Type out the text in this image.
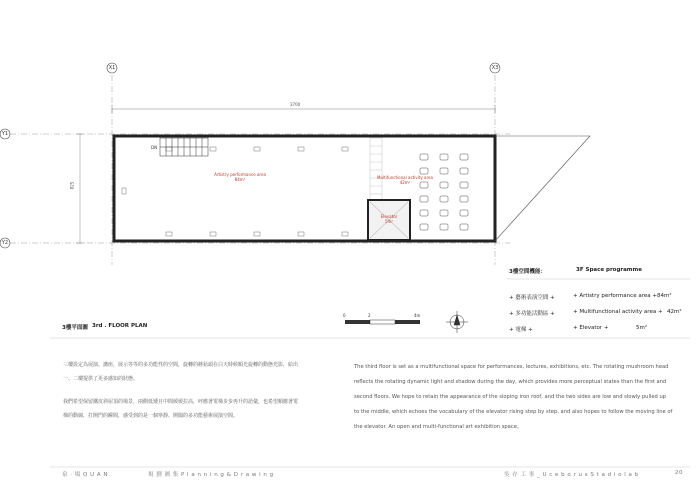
X1	X3
Y1
Y2
3700
825
DN
Artistry performance area
84m²	Multifunctional activity area
42m²
Elevator
5m²
3樓空間機能：	3F Space programme
+ 藝術表演空間 +	+ Artistry performance area + 84m²
+ 多功能活動區 +	+ Multifunctional activity area + 42m²
+ 電梯 +	+ Elevator +	5m²
3樓平面圖 3rd . FLOOR PLAN
0	2	4m
三樓設定為展演、講座，展示等等的多功能性的空間，旋轉的蘑菇頭在白天時候順光旋轉的動態光影，給出
一、二樓提供了更多感知的狀態。
我們希望保留鐵皮斜屋頂的場景，兩側低矮且中間緩緩拉高，呼應著電梯步步再升的語彙，也希望順應著電
梯的動線，打開門的瞬間，感受到的是一個寧靜、開闊的多功能藝術展演空間。
The third floor is set as a multifunctional space for performances, lectures, exhibitions, etc. The rotating mushroom head
reflects the rotating dynamic light and shadow during the day, which provides more perceptual states than the first and
second floors. We hope to retain the appearance of the sloping iron roof, and the two sides are low and slowly pulled up
to the middle, which echoes the vocabulary of the elevator rising step by step, and also hopes to follow the moving line of
the elevator. An open and multi-functional art exhibition space。
泉 · 場 Q U A N	規 劃 圖 集 P l a n n i n g & D r a w i n g	吳 存 工 事 _ U c e b o r u s S t a d i o l a b	20
